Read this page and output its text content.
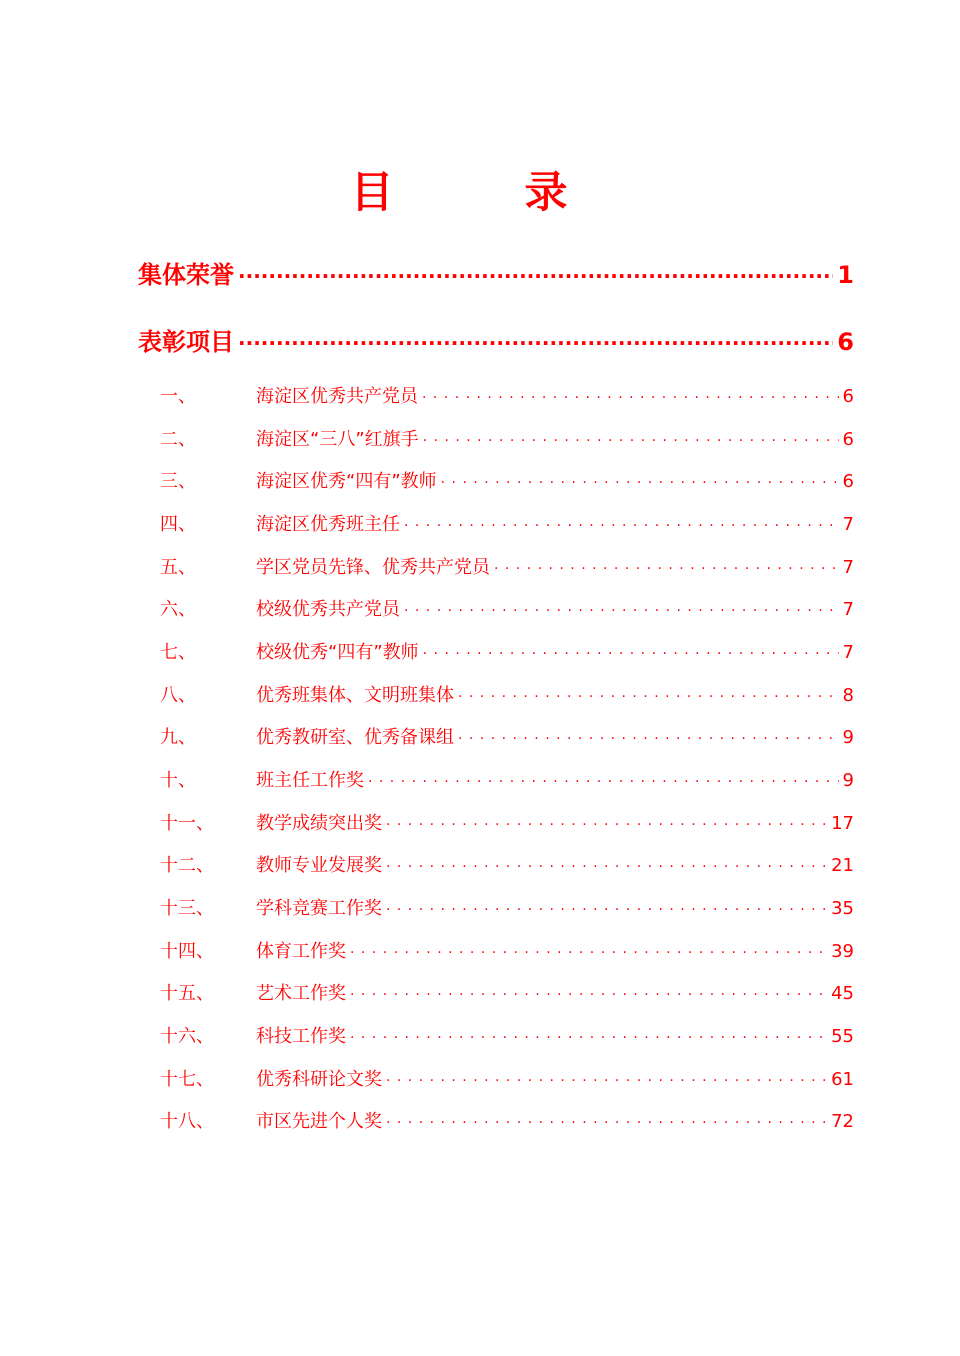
目 录
集体荣誉 .....	1
表彰项目 .....	6
一、	海淀区优秀共产党员 . . .	6
二、	海淀区“三八”红旗手 . . .	6
三、	海淀区优秀“四有”教师 . . .	6
四、	海淀区优秀班主任 . . .	7
五、	学区党员先锋、优秀共产党员 . . .	7
六、	校级优秀共产党员 . . .	7
七、	校级优秀“四有”教师 . . .	7
八、	优秀班集体、文明班集体 . . .	8
九、	优秀教研室、优秀备课组 . . .	9
十、	班主任工作奖 . . .	9
十一、	教学成绩突出奖 . . .	17
十二、	教师专业发展奖 . . .	21
十三、	学科竞赛工作奖 . . .	35
十四、	体育工作奖 . . .	39
十五、	艺术工作奖 . . .	45
十六、	科技工作奖 . . .	55
十七、	优秀科研论文奖 . . .	61
十八、	市区先进个人奖 . . .	72
